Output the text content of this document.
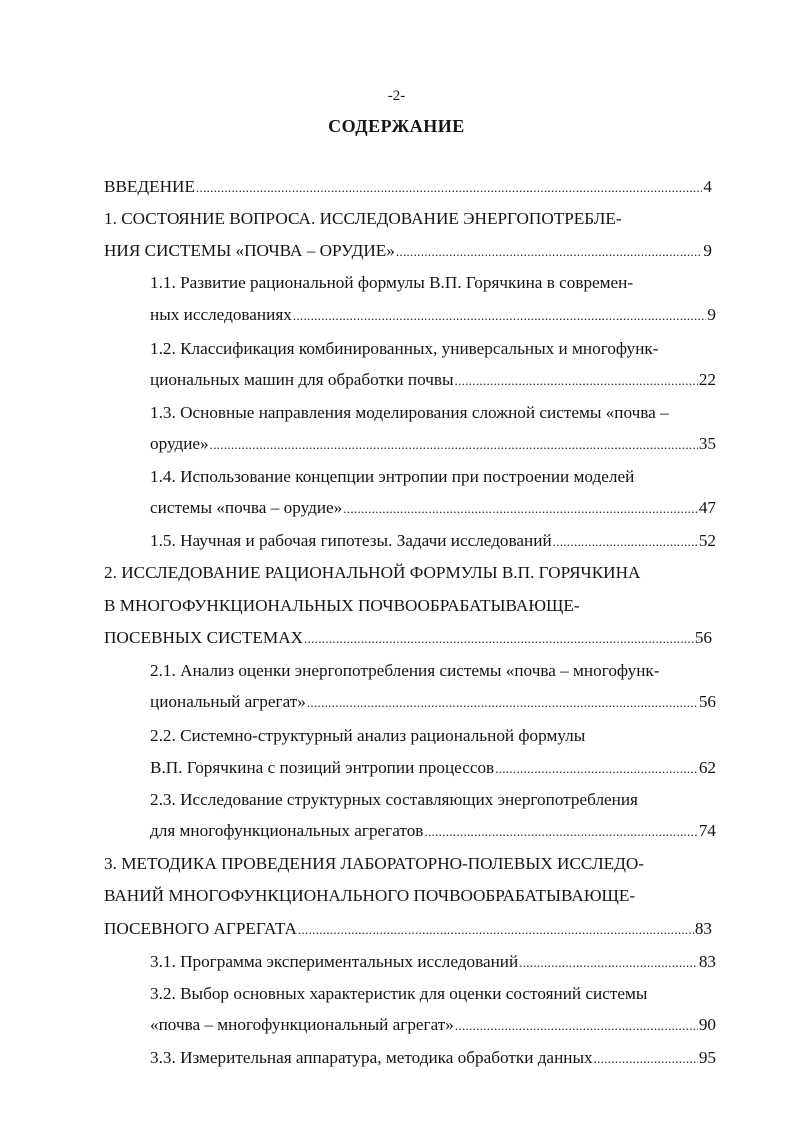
-2-
СОДЕРЖАНИЕ
ВВЕДЕНИЕ .....	4
1. СОСТОЯНИЕ ВОПРОСА. ИССЛЕДОВАНИЕ ЭНЕРГОПОТРЕБЛЕ-
НИЯ СИСТЕМЫ «ПОЧВА – ОРУДИЕ» .....	9
1.1. Развитие рациональной формулы В.П. Горячкина в современ-
ных исследованиях .....	9
1.2. Классификация комбинированных, универсальных и многофунк-
циональных машин для обработки почвы .....	22
1.3. Основные направления моделирования сложной системы «почва –
орудие» .....	35
1.4. Использование концепции энтропии при построении моделей
системы «почва – орудие» .....	47
1.5. Научная и рабочая гипотезы. Задачи исследований .....	52
2. ИССЛЕДОВАНИЕ РАЦИОНАЛЬНОЙ ФОРМУЛЫ В.П. ГОРЯЧКИНА
В МНОГОФУНКЦИОНАЛЬНЫХ ПОЧВООБРАБАТЫВАЮЩЕ-
ПОСЕВНЫХ СИСТЕМАХ .....	56
2.1. Анализ оценки энергопотребления системы «почва – многофунк-
циональный агрегат» .....	56
2.2. Системно-структурный анализ рациональной формулы
В.П. Горячкина с позиций энтропии процессов .....	62
2.3. Исследование структурных составляющих энергопотребления
для многофункциональных агрегатов .....	74
3. МЕТОДИКА ПРОВЕДЕНИЯ ЛАБОРАТОРНО-ПОЛЕВЫХ ИССЛЕДО-
ВАНИЙ МНОГОФУНКЦИОНАЛЬНОГО ПОЧВООБРАБАТЫВАЮЩЕ-
ПОСЕВНОГО АГРЕГАТА .....	83
3.1. Программа экспериментальных исследований .....	83
3.2. Выбор основных характеристик для оценки состояний системы
«почва – многофункциональный агрегат» .....	90
3.3. Измерительная аппаратура, методика обработки данных .....	95
